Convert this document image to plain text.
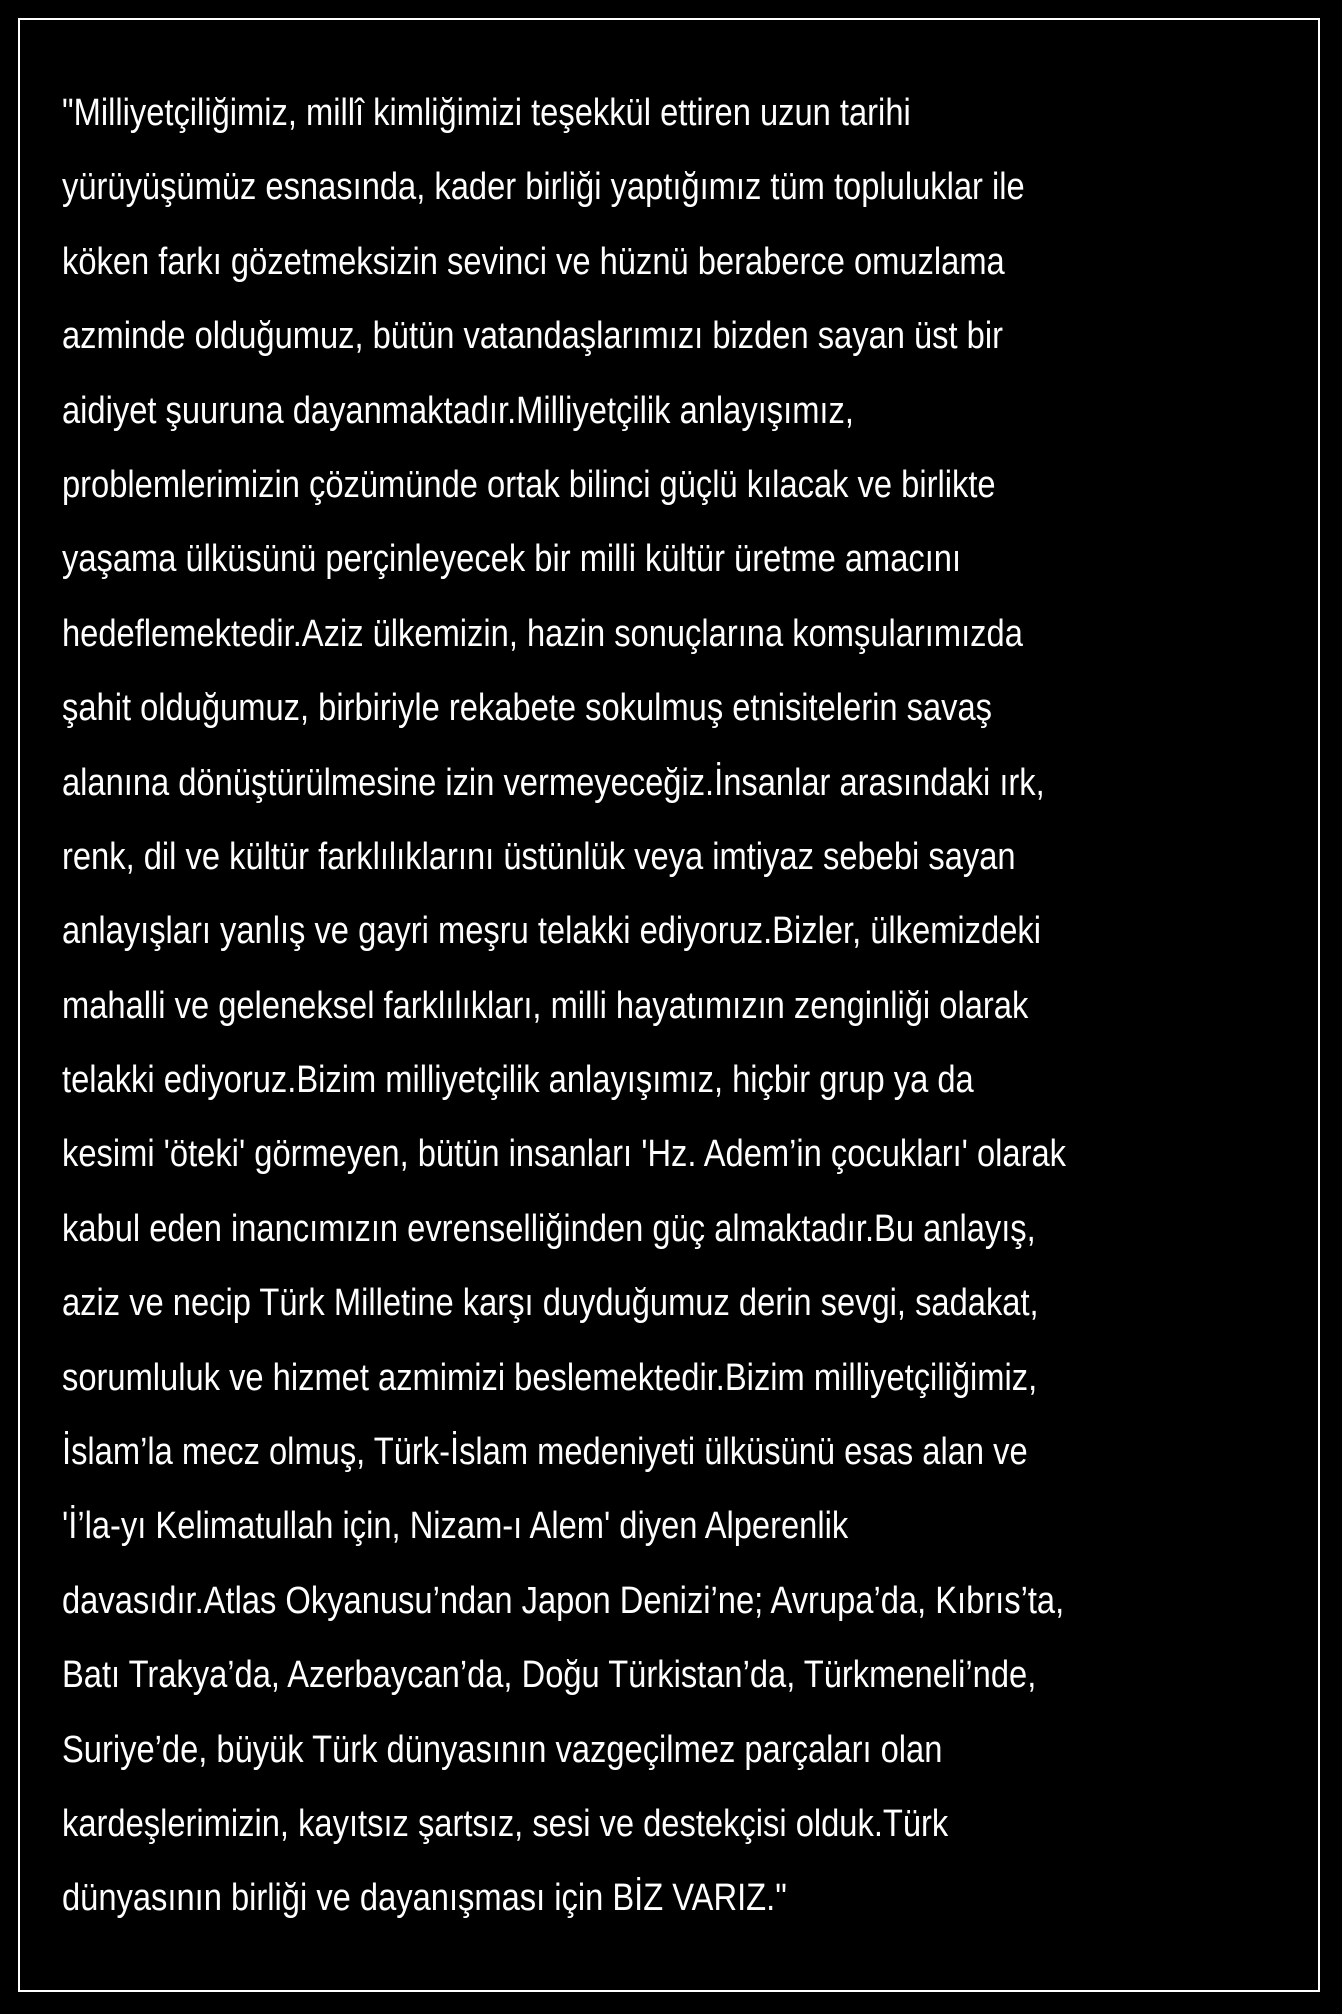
"Milliyetçiliğimiz, millî kimliğimizi teşekkül ettiren uzun tarihi
yürüyüşümüz esnasında, kader birliği yaptığımız tüm topluluklar ile
köken farkı gözetmeksizin sevinci ve hüznü beraberce omuzlama
azminde olduğumuz, bütün vatandaşlarımızı bizden sayan üst bir
aidiyet şuuruna dayanmaktadır.Milliyetçilik anlayışımız,
problemlerimizin çözümünde ortak bilinci güçlü kılacak ve birlikte
yaşama ülküsünü perçinleyecek bir milli kültür üretme amacını
hedeflemektedir.Aziz ülkemizin, hazin sonuçlarına komşularımızda
şahit olduğumuz, birbiriyle rekabete sokulmuş etnisitelerin savaş
alanına dönüştürülmesine izin vermeyeceğiz.İnsanlar arasındaki ırk,
renk, dil ve kültür farklılıklarını üstünlük veya imtiyaz sebebi sayan
anlayışları yanlış ve gayri meşru telakki ediyoruz.Bizler, ülkemizdeki
mahalli ve geleneksel farklılıkları, milli hayatımızın zenginliği olarak
telakki ediyoruz.Bizim milliyetçilik anlayışımız, hiçbir grup ya da
kesimi 'öteki' görmeyen, bütün insanları 'Hz. Adem’in çocukları' olarak
kabul eden inancımızın evrenselliğinden güç almaktadır.Bu anlayış,
aziz ve necip Türk Milletine karşı duyduğumuz derin sevgi, sadakat,
sorumluluk ve hizmet azmimizi beslemektedir.Bizim milliyetçiliğimiz,
İslam’la mecz olmuş, Türk-İslam medeniyeti ülküsünü esas alan ve
'İ’la-yı Kelimatullah için, Nizam-ı Alem' diyen Alperenlik
davasıdır.Atlas Okyanusu’ndan Japon Denizi’ne; Avrupa’da, Kıbrıs’ta,
Batı Trakya’da, Azerbaycan’da, Doğu Türkistan’da, Türkmeneli’nde,
Suriye’de, büyük Türk dünyasının vazgeçilmez parçaları olan
kardeşlerimizin, kayıtsız şartsız, sesi ve destekçisi olduk.Türk
dünyasının birliği ve dayanışması için BİZ VARIZ."
